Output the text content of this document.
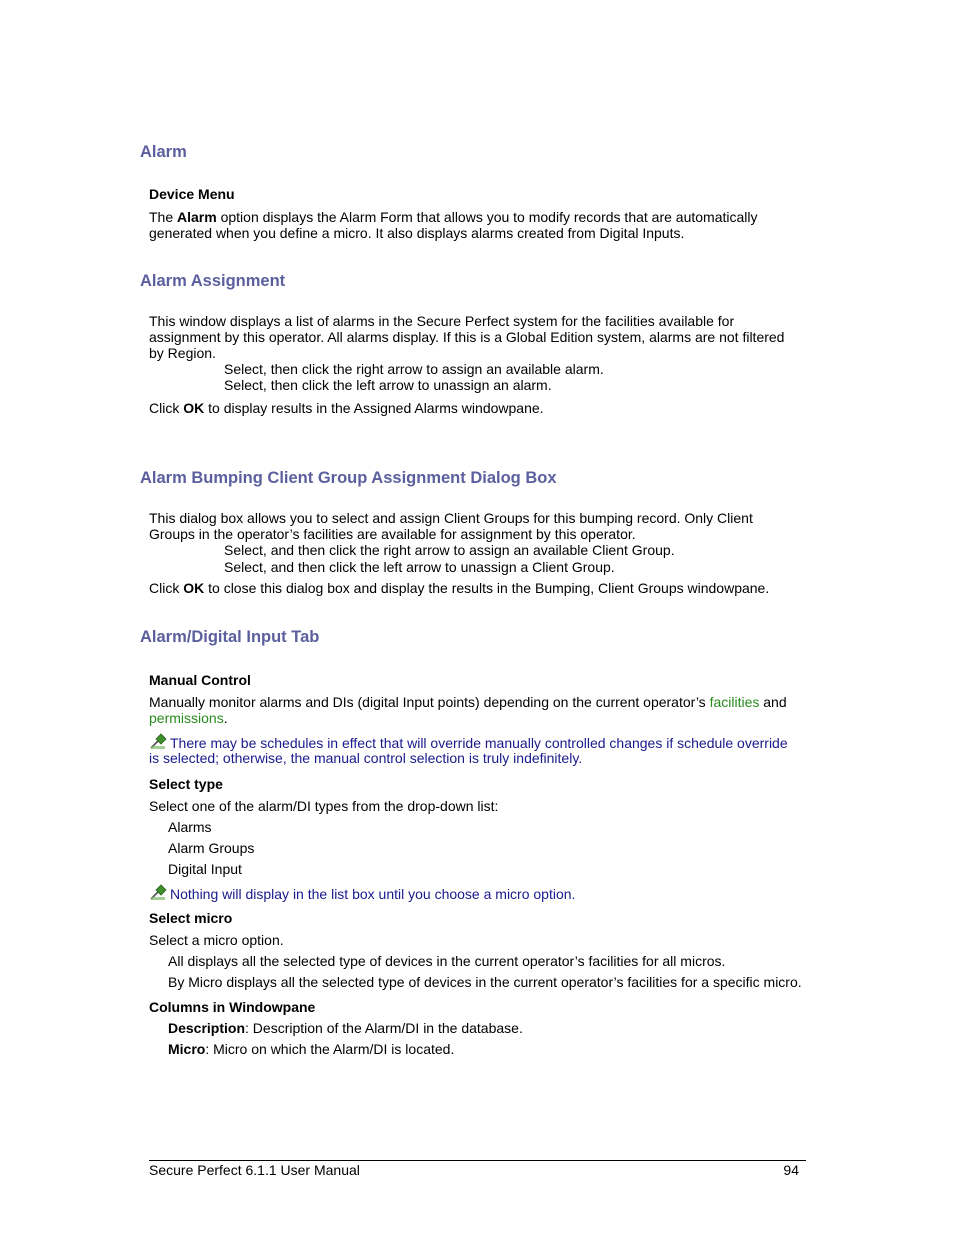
Alarm
Device Menu
The Alarm option displays the Alarm Form that allows you to modify records that are automatically
generated when you define a micro. It also displays alarms created from Digital Inputs.
Alarm Assignment
This window displays a list of alarms in the Secure Perfect system for the facilities available for
assignment by this operator. All alarms display. If this is a Global Edition system, alarms are not filtered
by Region.
Select, then click the right arrow to assign an available alarm.
Select, then click the left arrow to unassign an alarm.
Click OK to display results in the Assigned Alarms windowpane.
Alarm Bumping Client Group Assignment Dialog Box
This dialog box allows you to select and assign Client Groups for this bumping record. Only Client
Groups in the operator’s facilities are available for assignment by this operator.
Select, and then click the right arrow to assign an available Client Group.
Select, and then click the left arrow to unassign a Client Group.
Click OK to close this dialog box and display the results in the Bumping, Client Groups windowpane.
Alarm/Digital Input Tab
Manual Control
Manually monitor alarms and DIs (digital Input points) depending on the current operator’s facilities and
permissions.
There may be schedules in effect that will override manually controlled changes if schedule override
is selected; otherwise, the manual control selection is truly indefinitely.
Select type
Select one of the alarm/DI types from the drop-down list:
Alarms
Alarm Groups
Digital Input
Nothing will display in the list box until you choose a micro option.
Select micro
Select a micro option.
All displays all the selected type of devices in the current operator’s facilities for all micros.
By Micro displays all the selected type of devices in the current operator’s facilities for a specific micro.
Columns in Windowpane
Description: Description of the Alarm/DI in the database.
Micro: Micro on which the Alarm/DI is located.
Secure Perfect 6.1.1 User Manual	94
